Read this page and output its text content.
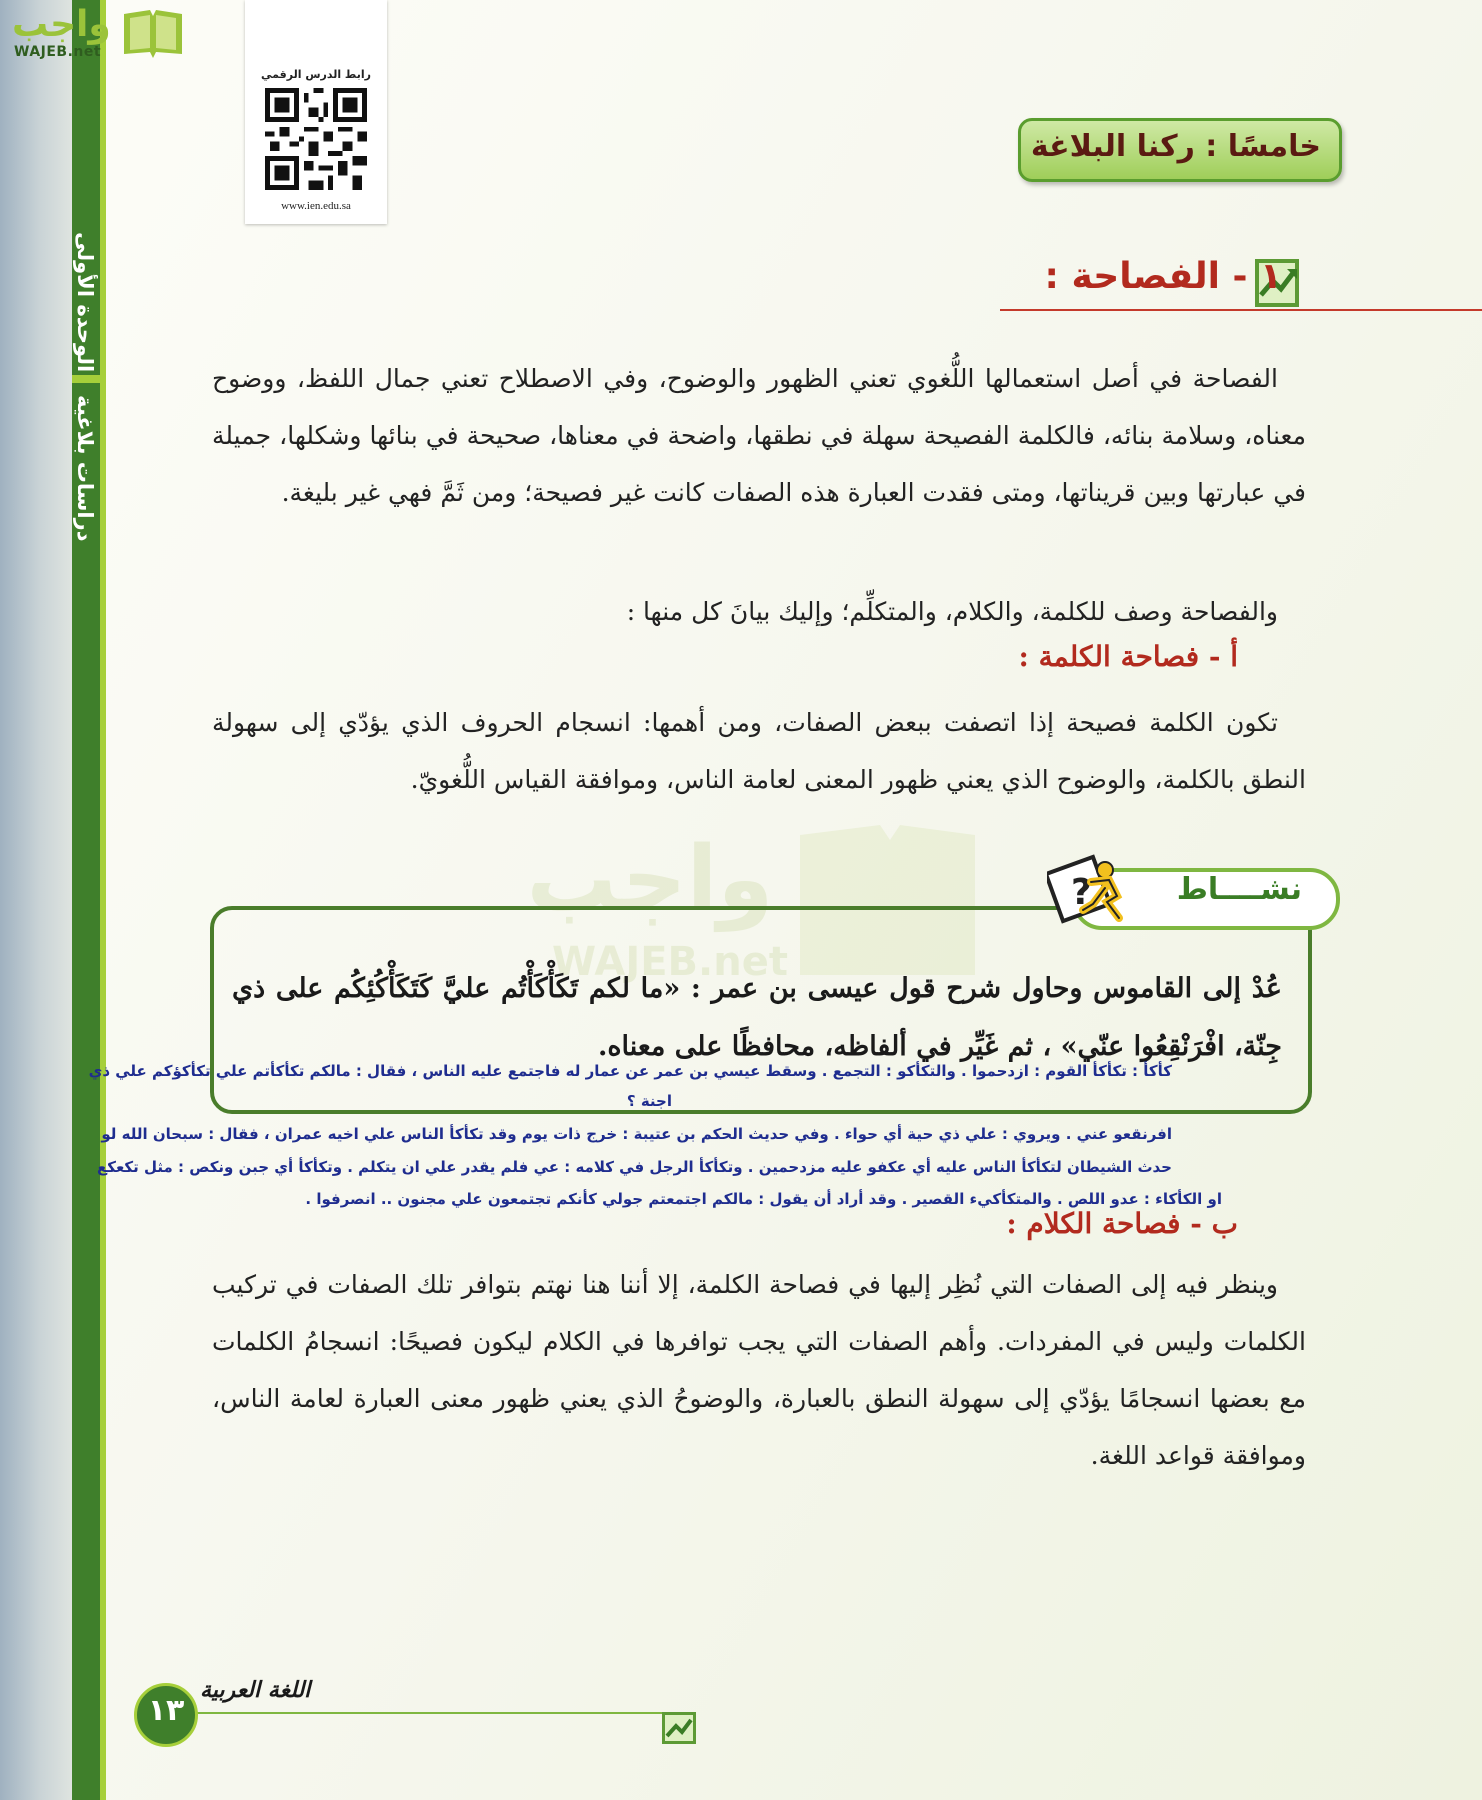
الوحدة الأولى
دراسات بلاغية
واجب
WAJEB.net
رابط الدرس الرقمي
www.ien.edu.sa
خامسًا : ركنا البلاغة
١ - الفصاحة :
الفصاحة في أصل استعمالها اللُّغوي تعني الظهور والوضوح، وفي الاصطلاح تعني جمال اللفظ، ووضوح معناه، وسلامة بنائه، فالكلمة الفصيحة سهلة في نطقها، واضحة في معناها، صحيحة في بنائها وشكلها، جميلة في عبارتها وبين قريناتها، ومتى فقدت العبارة هذه الصفات كانت غير فصيحة؛ ومن ثَمَّ فهي غير بليغة.
والفصاحة وصف للكلمة، والكلام، والمتكلِّم؛ وإليك بيانَ كل منها :
أ - فصاحة الكلمة :
تكون الكلمة فصيحة إذا اتصفت ببعض الصفات، ومن أهمها: انسجام الحروف الذي يؤدّي إلى سهولة النطق بالكلمة، والوضوح الذي يعني ظهور المعنى لعامة الناس، وموافقة القياس اللُّغويّ.
واجب
WAJEB.net
نشــــاط
?
عُدْ إلى القاموس وحاول شرح قول عيسى بن عمر : «ما لكم تَكَأْكَأْتُم عليَّ كَتَكَأْكُئِكُم على ذي جِنّة، افْرَنْقِعُوا عنّي» ، ثم غَيِّر في ألفاظه، محافظًا على معناه.
كأكأ : تكأكأ القوم : ازدحموا . والتكأكو : التجمع . وسقط عيسي بن عمر عن عمار له فاجتمع عليه الناس ، فقال : مالكم تكأكأتم علي تكأكؤكم علي ذي
اجنة ؟
افرنقعو عني . ويروي : علي ذي حية أي حواء . وفي حديث الحكم بن عتيبة : خرج ذات يوم وقد تكأكأ الناس علي اخيه عمران ، فقال : سبحان الله لو
حدث الشيطان لتكأكأ الناس عليه أي عكفو عليه مزدحمين . وتكأكأ الرجل في كلامه : عي فلم يقدر علي ان يتكلم . وتكأكأ أي جبن ونكص : مثل تكعكع
او الكأكاء : عدو اللص . والمتكأكيء القصير . وقد أراد أن يقول : مالكم اجتمعتم جولي كأنكم تجتمعون علي مجنون .. انصرفوا .
ب - فصاحة الكلام :
وينظر فيه إلى الصفات التي نُظِر إليها في فصاحة الكلمة، إلا أننا هنا نهتم بتوافر تلك الصفات في تركيب الكلمات وليس في المفردات. وأهم الصفات التي يجب توافرها في الكلام ليكون فصيحًا: انسجامُ الكلمات مع بعضها انسجامًا يؤدّي إلى سهولة النطق بالعبارة، والوضوحُ الذي يعني ظهور معنى العبارة لعامة الناس، وموافقة قواعد اللغة.
١٣
اللغة العربية
